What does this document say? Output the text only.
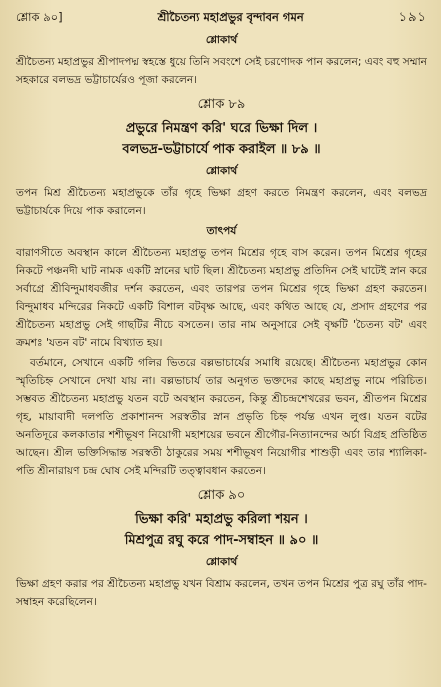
শ্লোক ৯০]	শ্রীচৈতন্য মহাপ্রভুর বৃন্দাবন গমন	১৯১
শ্লোকার্থ

শ্রীচৈতন্য মহাপ্রভুর শ্রীপাদপদ্ম স্বহস্তে ধুয়ে তিনি সবংশে সেই চরণোদক পান করলেন; এবং বহু সম্মান সহকারে বলভদ্র ভট্টাচার্যেরও পূজা করলেন।

শ্লোক ৮৯
প্রভুরে নিমন্ত্রণ করি' ঘরে ভিক্ষা দিল ।
বলভদ্র-ভট্টাচার্যে পাক করাইল ॥ ৮৯ ॥
শ্লোকার্থ

তপন মিশ্র শ্রীচৈতন্য মহাপ্রভুকে তাঁর গৃহে ভিক্ষা গ্রহণ করতে নিমন্ত্রণ করলেন, এবং বলভদ্র ভট্টাচার্যকে দিয়ে পাক করালেন।

তাৎপর্য

বারাণসীতে অবস্থান কালে শ্রীচৈতন্য মহাপ্রভু তপন মিশ্রের গৃহে বাস করেন। তপন মিশ্রের গৃহের নিকটে পঞ্চনদী ঘাট নামক একটি স্নানের ঘাট ছিল। শ্রীচৈতন্য মহাপ্রভু প্রতিদিন সেই ঘাটেই স্নান করে সর্বাগ্রে শ্রীবিন্দুমাধবজীর দর্শন করতেন, এবং তারপর তপন মিশ্রের গৃহে ভিক্ষা গ্রহণ করতেন। বিন্দুমাধব মন্দিরের নিকটে একটি বিশাল বটবৃক্ষ আছে, এবং কথিত আছে যে, প্রসাদ গ্রহণের পর শ্রীচৈতন্য মহাপ্রভু সেই গাছটির নীচে বসতেন। তার নাম অনুসারে সেই বৃক্ষটি 'চৈতন্য বট' এবং ক্রমশঃ 'যতন বট' নামে বিখ্যাত হয়।

বর্তমানে, সেখানে একটি গলির ভিতরে বল্লভাচার্যের সমাধি রয়েছে। শ্রীচৈতন্য মহাপ্রভুর কোন স্মৃতিচিহ্ন সেখানে দেখা যায় না। বল্লভাচার্য তার অনুগত ভক্তদের কাছে মহাপ্রভু নামে পরিচিত। সম্ভবত শ্রীচৈতন্য মহাপ্রভু যতন বটে অবস্থান করতেন, কিন্তু শ্রীচন্দ্রশেখরের ভবন, শ্রীতপন মিশ্রের গৃহ, মায়াবাদী দলপতি প্রকাশানন্দ সরস্বতীর স্নান প্রভৃতি চিহ্ন পর্যন্ত এখন লুপ্ত। যতন বটের অনতিদূরে কলকাতার শশীভূষণ নিয়োগী মহাশয়ের ভবনে শ্রীগৌর-নিত্যানন্দের অর্চা বিগ্রহ প্রতিষ্ঠিত আছেন। শ্রীল ভক্তিসিদ্ধান্ত সরস্বতী ঠাকুরের সময় শশীভূষণ নিয়োগীর শাশুড়ী এবং তার শ্যালিকা-পতি শ্রীনারায়ণ চন্দ্র ঘোষ সেই মন্দিরটি তত্ত্বাবধান করতেন।

শ্লোক ৯০
ভিক্ষা করি' মহাপ্রভু করিলা শয়ন ।
মিশ্রপুত্র রঘু করে পাদ-সম্বাহন ॥ ৯০ ॥
শ্লোকার্থ

ভিক্ষা গ্রহণ করার পর শ্রীচৈতন্য মহাপ্রভু যখন বিশ্রাম করলেন, তখন তপন মিশ্রের পুত্র রঘু তাঁর পাদ-সম্বাহন করেছিলেন।
